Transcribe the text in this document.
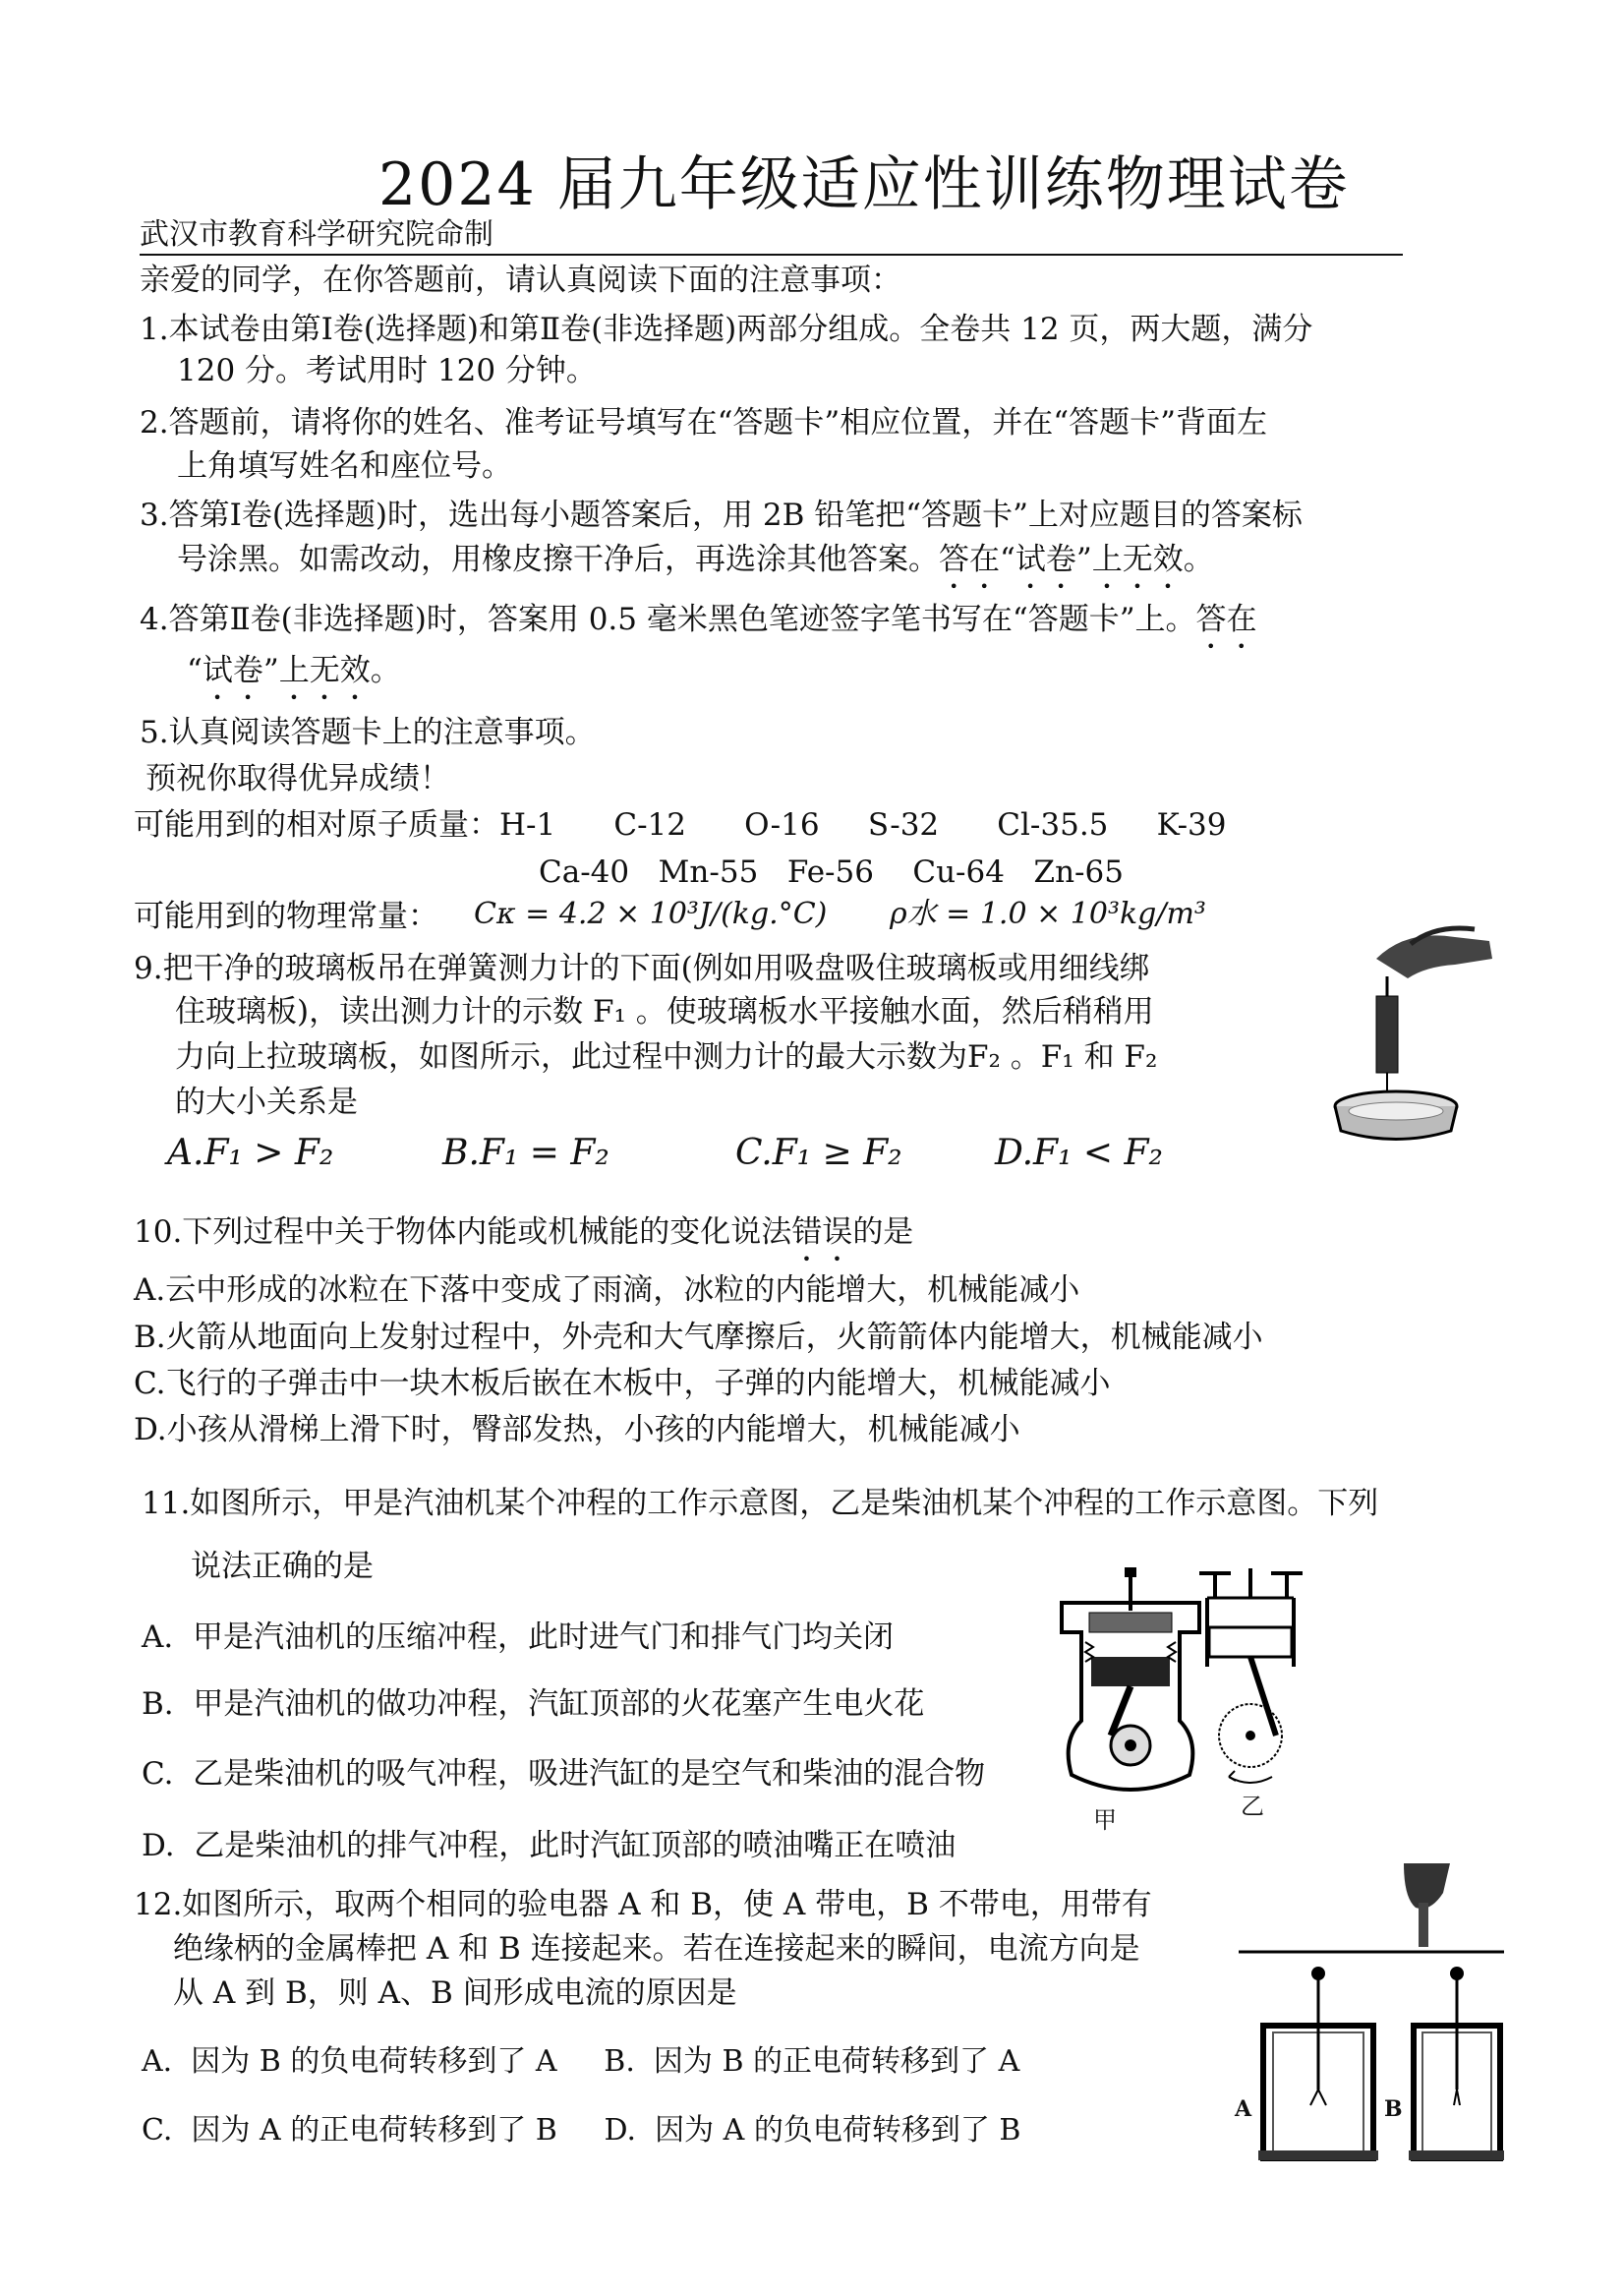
2024 届九年级适应性训练物理试卷
武汉市教育科学研究院命制
亲爱的同学，在你答题前，请认真阅读下面的注意事项：
1.本试卷由第Ⅰ卷(选择题)和第Ⅱ卷(非选择题)两部分组成。全卷共 12 页，两大题，满分
120 分。考试用时 120 分钟。
2.答题前，请将你的姓名、准考证号填写在“答题卡”相应位置，并在“答题卡”背面左
上角填写姓名和座位号。
3.答第Ⅰ卷(选择题)时，选出每小题答案后，用 2B 铅笔把“答题卡”上对应题目的答案标
号涂黑。如需改动，用橡皮擦干净后，再选涂其他答案。答在“试卷”上无效。
4.答第Ⅱ卷(非选择题)时，答案用 0.5 毫米黑色笔迹签字笔书写在“答题卡”上。答在
“试卷”上无效。
5.认真阅读答题卡上的注意事项。
预祝你取得优异成绩！
可能用到的相对原子质量：H-1      C-12      O-16     S-32      Cl-35.5     K-39
Ca-40   Mn-55   Fe-56    Cu-64   Zn-65
可能用到的物理常量： Cκ = 4.2 × 10³J/(kg.°C) ρ水 = 1.0 × 10³kg/m³
9.把干净的玻璃板吊在弹簧测力计的下面(例如用吸盘吸住玻璃板或用细线绑
住玻璃板)，读出测力计的示数 F₁ 。使玻璃板水平接触水面，然后稍稍用
力向上拉玻璃板，如图所示，此过程中测力计的最大示数为F₂ 。F₁ 和 F₂
的大小关系是
A.F₁ > F₂	B.F₁ = F₂	C.F₁ ≥ F₂	D.F₁ < F₂
10.下列过程中关于物体内能或机械能的变化说法错误的是
A.云中形成的冰粒在下落中变成了雨滴，冰粒的内能增大，机械能减小
B.火箭从地面向上发射过程中，外壳和大气摩擦后，火箭箭体内能增大，机械能减小
C.飞行的子弹击中一块木板后嵌在木板中，子弹的内能增大，机械能减小
D.小孩从滑梯上滑下时，臀部发热，小孩的内能增大，机械能减小
11.如图所示，甲是汽油机某个冲程的工作示意图，乙是柴油机某个冲程的工作示意图。下列
说法正确的是
A.  甲是汽油机的压缩冲程，此时进气门和排气门均关闭
B.  甲是汽油机的做功冲程，汽缸顶部的火花塞产生电火花
C.  乙是柴油机的吸气冲程，吸进汽缸的是空气和柴油的混合物
D.  乙是柴油机的排气冲程，此时汽缸顶部的喷油嘴正在喷油
甲	乙
12.如图所示，取两个相同的验电器 A 和 B，使 A 带电，B 不带电，用带有
绝缘柄的金属棒把 A 和 B 连接起来。若在连接起来的瞬间，电流方向是
从 A 到 B，则 A、B 间形成电流的原因是
A.  因为 B 的负电荷转移到了 A     B.  因为 B 的正电荷转移到了 A
C.  因为 A 的正电荷转移到了 B     D.  因为 A 的负电荷转移到了 B
A	B
